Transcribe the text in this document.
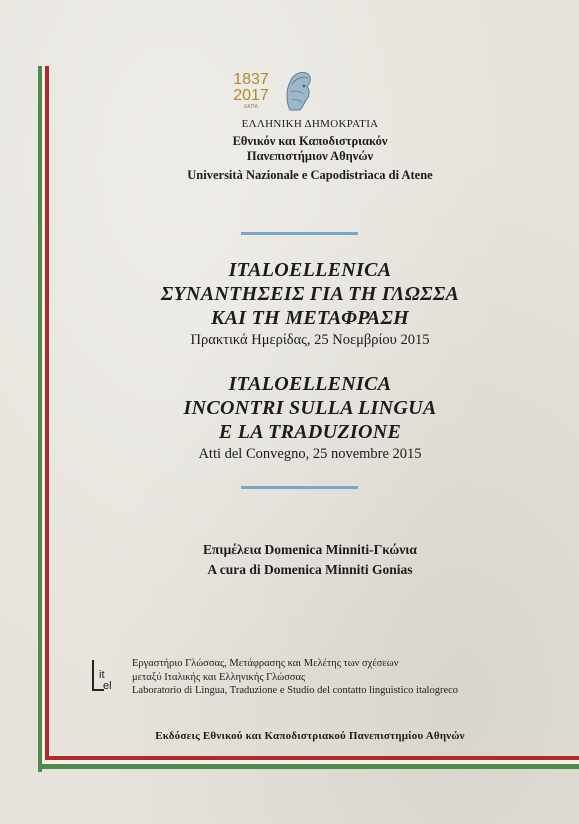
1837
2017
ΕΚΠΑ
ΕΛΛΗΝΙΚΗ ΔΗΜΟΚΡΑΤΙΑ
Εθνικόν και Καποδιστριακόν
Πανεπιστήμιον Αθηνών
Università Nazionale e Capodistriaca di Atene
ITALOELLENICA
ΣΥΝΑΝΤΗΣΕΙΣ ΓΙΑ ΤΗ ΓΛΩΣΣΑ
ΚΑΙ ΤΗ ΜΕΤΑΦΡΑΣΗ
Πρακτικά Ημερίδας, 25 Νοεμβρίου 2015
ITALOELLENICA
INCONTRI SULLA LINGUA
E LA TRADUZIONE
Atti del Convegno, 25 novembre 2015
Επιμέλεια Domenica Minniti-Γκώνια
A cura di Domenica Minniti Gonias
it
el
Εργαστήριο Γλώσσας, Μετάφρασης και Μελέτης των σχέσεων
μεταξύ Ιταλικής και Ελληνικής Γλώσσας
Laboratorio di Lingua, Traduzione e Studio del contatto linguistico italogreco
Εκδόσεις Εθνικού και Καποδιστριακού Πανεπιστημίου Αθηνών
